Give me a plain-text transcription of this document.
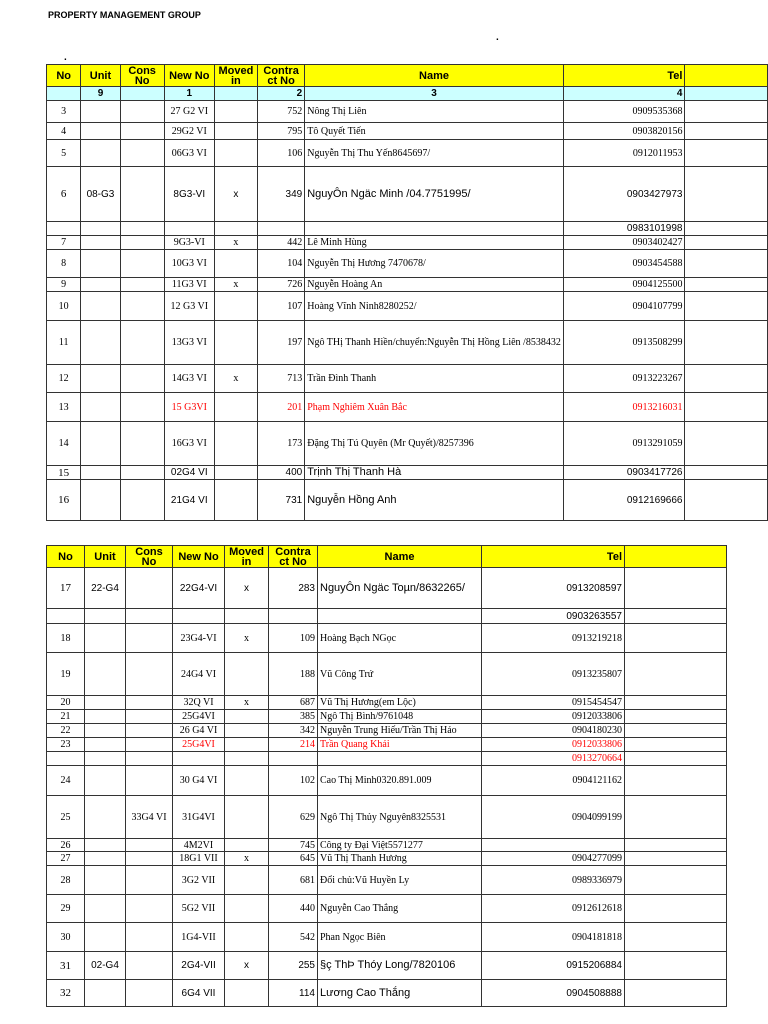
PROPERTY MANAGEMENT GROUP
.
.
No	Unit	Cons No	New No	Moved in	Contra ct No	Name	Tel	
	9		1		2	3	4	
3			27 G2 VI		752	Nông Thị Liên	0909535368	
4			29G2 VI		795	Tô Quyết Tiến	0903820156	
5			06G3 VI		106	Nguyễn Thị Thu Yến8645697/	0912011953	
6	08-G3		8G3-VI	x	349	NguyÔn Ngäc Minh /04.7751995/	0903427973	
							0983101998	
7			9G3-VI	x	442	Lê Minh Hùng	0903402427	
8			10G3 VI		104	Nguyễn Thị Hương 7470678/	0903454588	
9			11G3 VI	x	726	Nguyễn Hoàng An	0904125500	
10			12 G3 VI		107	Hoàng Vĩnh Ninh8280252/	0904107799	
11			13G3 VI		197	Ngô THị Thanh Hiền/chuyển:Nguyễn Thị Hồng Liên /8538432	0913508299	
12			14G3 VI	x	713	Trần Đình Thanh	0913223267	
13			15 G3VI		201	Phạm Nghiêm Xuân Bắc	0913216031	
14			16G3 VI		173	Đặng Thị Tú Quyên (Mr Quyết)/8257396	0913291059	
15			02G4 VI		400	Trịnh Thị Thanh Hà	0903417726	
16			21G4 VI		731	Nguyễn Hồng Anh	0912169666	
No	Unit	Cons No	New No	Moved in	Contra ct No	Name	Tel	
17	22-G4		22G4-VI	x	283	NguyÔn Ngäc Toµn/8632265/	0913208597	
							0903263557	
18			23G4-VI	x	109	Hoàng Bạch NGọc	0913219218	
19			24G4 VI		188	Vũ Công Trứ	0913235807	
20			32Q VI	x	687	Vũ Thị Hương(em Lộc)	0915454547	
21			25G4VI		385	Ngô Thị Bình/9761048	0912033806	
22			26 G4 VI		342	Nguyễn Trung Hiếu/Trần Thị Hảo	0904180230	
23			25G4VI		214	Trần Quang Khải	0912033806	
							0913270664	
24			30 G4 VI		102	Cao Thị Minh0320.891.009	0904121162	
25		33G4 VI	31G4VI		629	Ngô Thị Thủy Nguyên8325531	0904099199	
26			4M2VI		745	Công ty Đại Việt5571277		
27			18G1 VII	x	645	Vũ Thị Thanh Hương	0904277099	
28			3G2 VII		681	Đổi chủ:Vũ Huyền Ly	0989336979	
29			5G2 VII		440	Nguyễn Cao Thắng	0912612618	
30			1G4-VII		542	Phan Ngọc Biên	0904181818	
31	02-G4		2G4-VII	x	255	§ç ThÞ Thóy Long/7820106	0915206884	
32			6G4 VII		114	Lương Cao Thắng	0904508888	
